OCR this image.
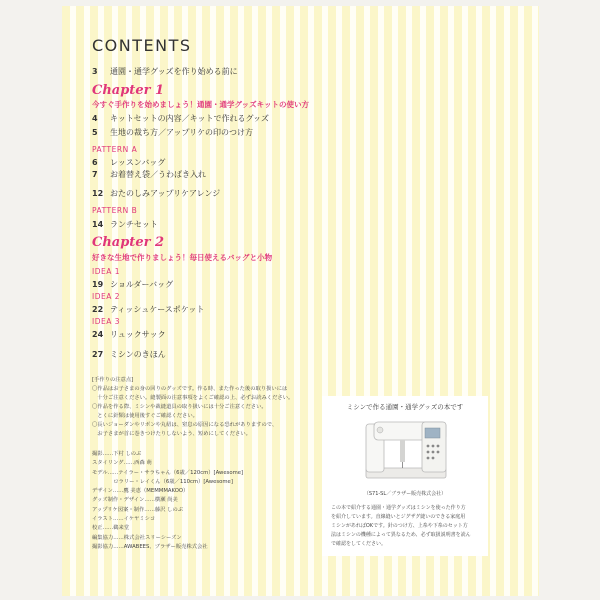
CONTENTS
3 通園・通学グッズを作り始める前に
Chapter 1
今すぐ手作りを始めましょう！通園・通学グッズキットの使い方
4 キットセットの内容／キットで作れるグッズ
5 生地の裁ち方／アップリケの印のつけ方
PATTERN A
6 レッスンバッグ
7 お着替え袋／うわばき入れ
12 おたのしみアップリケアレンジ
PATTERN B
14 ランチセット
Chapter 2
好きな生地で作りましょう！毎日使えるバッグと小物
IDEA 1
19 ショルダーバッグ
IDEA 2
22 ティッシュケースポケット
IDEA 3
24 リュックサック
27 ミシンのきほん
[手作りの注意点]
〇作品はお子さまの身の回りのグッズです。作る時、また作った後の取り扱いには
　十分ご注意ください。縫製面の注意事項をよくご確認の上、必ずお読みください。
〇作品を作る際、ミシンや裁縫道具の取り扱いには十分ご注意ください。
　とくに針類は使用後すぐご確認ください。
〇長いジョーダンやリボンや丸紐は、窒息の原因になる恐れがありますので、
　お子さまが首に巻きつけたりしないよう、短めにしてください。
撮影……下村 しのぶ
スタイリング……西森 萌
モデル……テイラー・サラちゃん（6歳／120cm）[Awesome]
　　　　ロラリー・レイくん（6歳／110cm）[Awesome]
デザイン……鷹 美恵（MEMMMAKOO）
グッズ制作・デザイン……横瀬 尚美
アップリケ図案・制作……藤沢 しのぶ
イラスト……イケヤミシコ
校正……鵜来堂
編集協力……株式会社スリーシーズン
撮影協力……AWABEES、ブラザー販売株式会社
ミシンで作る通園・通学グッズの本です
（S71-SL／ブラザー販売株式会社）
この本で紹介する通園・通学グッズはミシンを使った作り方
を紹介しています。直線縫いとジグザグ縫いのできる家庭用
ミシンがあればOKです。針のつけ方、上糸や下糸のセット方
法はミシンの機種によって異なるため、必ず取扱説明書を読ん
で確認をしてください。
